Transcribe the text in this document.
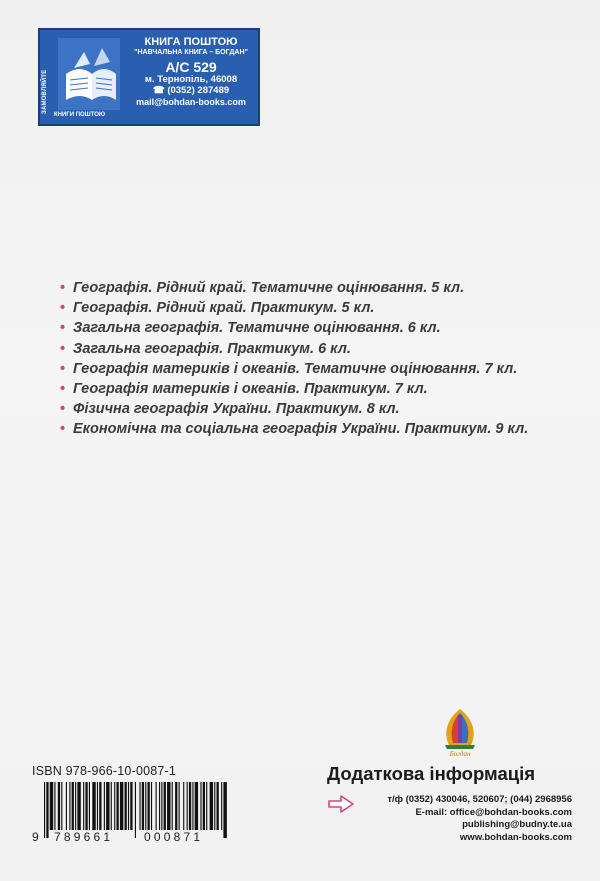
ЗАМОВЛЯЙТЕ
КНИГИ ПОШТОЮ
КНИГА ПОШТОЮ
"НАВЧАЛЬНА КНИГА – БОГДАН"
А/С 529
м. Тернопіль, 46008
☎ (0352) 287489
mail@bohdan-books.com
• Географія. Рідний край. Тематичне оцінювання. 5 кл.
• Географія. Рідний край. Практикум. 5 кл.
• Загальна географія. Тематичне оцінювання. 6 кл.
• Загальна географія. Практикум. 6 кл.
• Географія материків і океанів. Тематичне оцінювання. 7 кл.
• Географія материків і океанів. Практикум. 7 кл.
• Фізична географія України. Практикум. 8 кл.
• Економічна та соціальна географія України. Практикум. 9 кл.
Богдан
ISBN 978-966-10-0087-1
9 789661	000871
Додаткова інформація
т/ф (0352) 430046, 520607; (044) 2968956
E-mail: office@bohdan-books.com
publishing@budny.te.ua
www.bohdan-books.com
